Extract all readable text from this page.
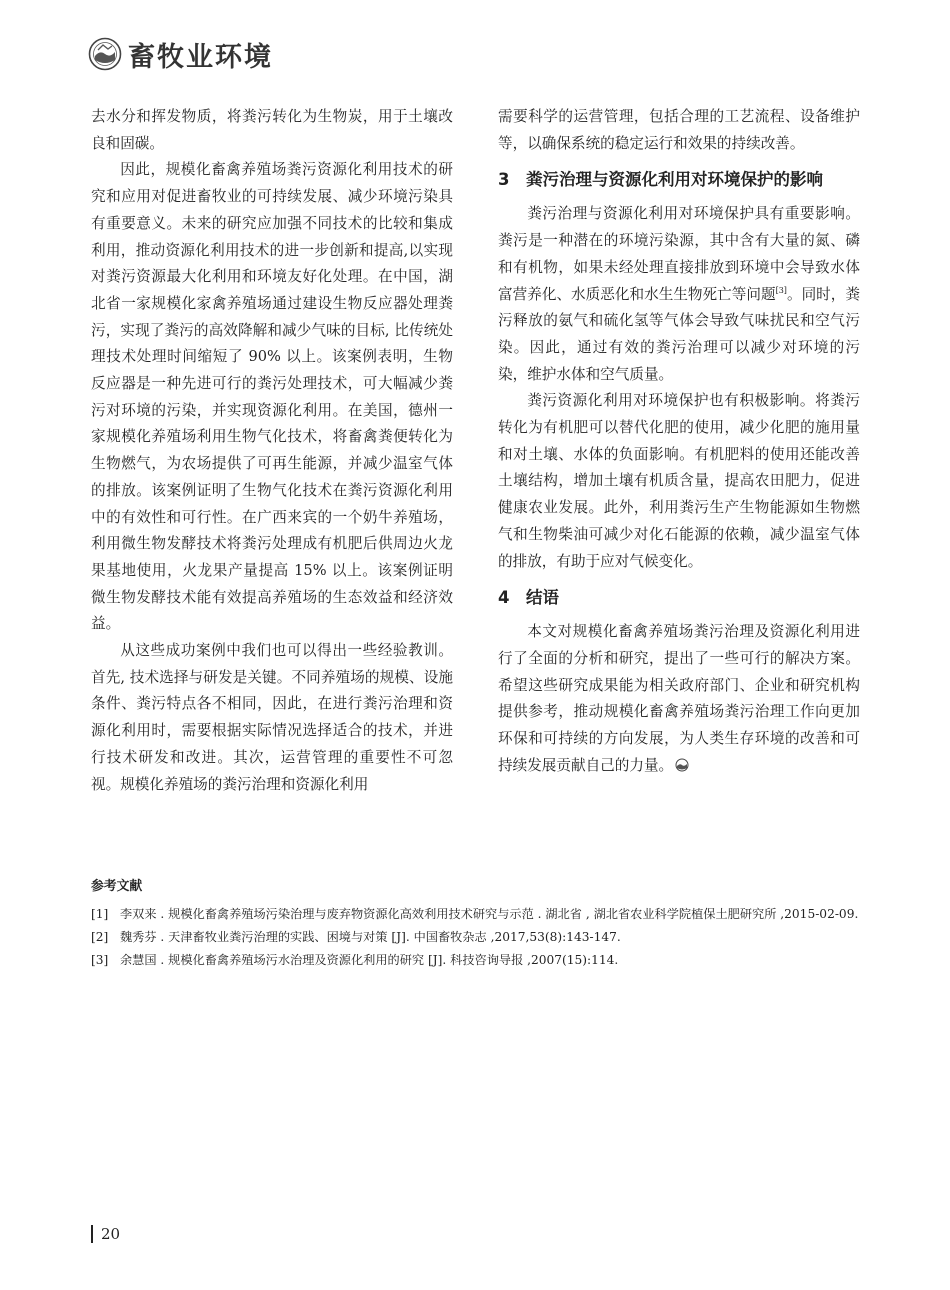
畜牧业环境

去水分和挥发物质，将粪污转化为生物炭，用于土壤改良和固碳。

因此，规模化畜禽养殖场粪污资源化利用技术的研究和应用对促进畜牧业的可持续发展、减少环境污染具有重要意义。未来的研究应加强不同技术的比较和集成利用，推动资源化利用技术的进一步创新和提高,以实现对粪污资源最大化利用和环境友好化处理。在中国，湖北省一家规模化家禽养殖场通过建设生物反应器处理粪污，实现了粪污的高效降解和减少气味的目标, 比传统处理技术处理时间缩短了 90% 以上。该案例表明，生物反应器是一种先进可行的粪污处理技术，可大幅减少粪污对环境的污染，并实现资源化利用。在美国，德州一家规模化养殖场利用生物气化技术，将畜禽粪便转化为生物燃气，为农场提供了可再生能源，并减少温室气体的排放。该案例证明了生物气化技术在粪污资源化利用中的有效性和可行性。在广西来宾的一个奶牛养殖场，利用微生物发酵技术将粪污处理成有机肥后供周边火龙果基地使用，火龙果产量提高 15% 以上。该案例证明微生物发酵技术能有效提高养殖场的生态效益和经济效益。

从这些成功案例中我们也可以得出一些经验教训。首先, 技术选择与研发是关键。不同养殖场的规模、设施条件、粪污特点各不相同，因此，在进行粪污治理和资源化利用时，需要根据实际情况选择适合的技术，并进行技术研发和改进。其次，运营管理的重要性不可忽视。规模化养殖场的粪污治理和资源化利用

需要科学的运营管理，包括合理的工艺流程、设备维护等，以确保系统的稳定运行和效果的持续改善。

3 粪污治理与资源化利用对环境保护的影响

粪污治理与资源化利用对环境保护具有重要影响。粪污是一种潜在的环境污染源，其中含有大量的氮、磷和有机物，如果未经处理直接排放到环境中会导致水体富营养化、水质恶化和水生生物死亡等问题[3]。同时，粪污释放的氨气和硫化氢等气体会导致气味扰民和空气污染。因此，通过有效的粪污治理可以减少对环境的污染，维护水体和空气质量。

粪污资源化利用对环境保护也有积极影响。将粪污转化为有机肥可以替代化肥的使用，减少化肥的施用量和对土壤、水体的负面影响。有机肥料的使用还能改善土壤结构，增加土壤有机质含量，提高农田肥力，促进健康农业发展。此外，利用粪污生产生物能源如生物燃气和生物柴油可减少对化石能源的依赖，减少温室气体的排放，有助于应对气候变化。

4 结语

本文对规模化畜禽养殖场粪污治理及资源化利用进行了全面的分析和研究，提出了一些可行的解决方案。希望这些研究成果能为相关政府部门、企业和研究机构提供参考，推动规模化畜禽养殖场粪污治理工作向更加环保和可持续的方向发展，为人类生存环境的改善和可持续发展贡献自己的力量。

参考文献
[1] 李双来 . 规模化畜禽养殖场污染治理与废弃物资源化高效利用技术研究与示范 . 湖北省 , 湖北省农业科学院植保土肥研究所 ,2015-02-09.
[2] 魏秀芬 . 天津畜牧业粪污治理的实践、困境与对策 [J]. 中国畜牧杂志 ,2017,53(8):143-147.
[3] 余慧国 . 规模化畜禽养殖场污水治理及资源化利用的研究 [J]. 科技咨询导报 ,2007(15):114.
20
